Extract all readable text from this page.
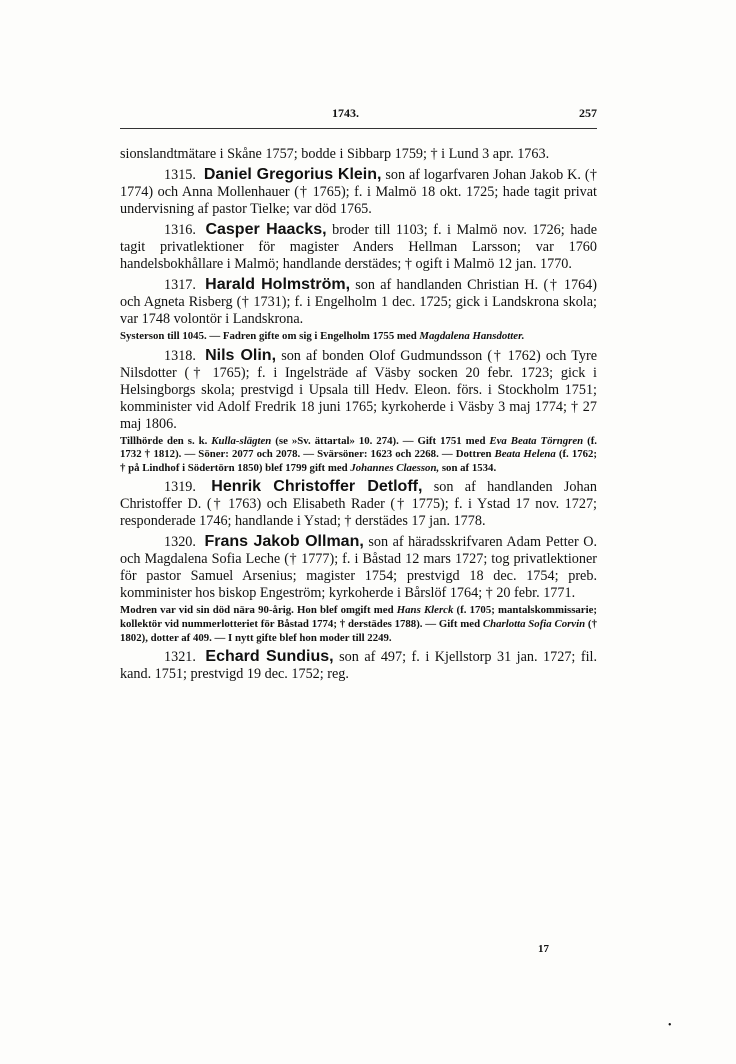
1743.	257

sionslandtmätare i Skåne 1757; bodde i Sibbarp 1759; † i Lund 3 apr. 1763.

1315. Daniel Gregorius Klein, son af logarfvaren Johan Jakob K. († 1774) och Anna Mollenhauer († 1765); f. i Malmö 18 okt. 1725; hade tagit privat undervisning af pastor Tielke; var död 1765.

1316. Casper Haacks, broder till 1103; f. i Malmö nov. 1726; hade tagit privatlektioner för magister Anders Hellman Larsson; var 1760 handelsbokhållare i Malmö; handlande derstädes; † ogift i Malmö 12 jan. 1770.

1317. Harald Holmström, son af handlanden Christian H. († 1764) och Agneta Risberg († 1731); f. i Engelholm 1 dec. 1725; gick i Landskrona skola; var 1748 volontör i Landskrona.

Systerson till 1045. — Fadren gifte om sig i Engelholm 1755 med Magdalena Hansdotter.

1318. Nils Olin, son af bonden Olof Gudmundsson († 1762) och Tyre Nilsdotter († 1765); f. i Ingelsträde af Väsby socken 20 febr. 1723; gick i Helsingborgs skola; prestvigd i Upsala till Hedv. Eleon. förs. i Stockholm 1751; komminister vid Adolf Fredrik 18 juni 1765; kyrkoherde i Väsby 3 maj 1774; † 27 maj 1806.

Tillhörde den s. k. Kulla-slägten (se »Sv. ättartal» 10. 274). — Gift 1751 med Eva Beata Törngren (f. 1732 † 1812). — Söner: 2077 och 2078. — Svärsöner: 1623 och 2268. — Dottren Beata Helena (f. 1762; † på Lindhof i Södertörn 1850) blef 1799 gift med Johannes Claesson, son af 1534.

1319. Henrik Christoffer Detloff, son af handlanden Johan Christoffer D. († 1763) och Elisabeth Rader († 1775); f. i Ystad 17 nov. 1727; responderade 1746; handlande i Ystad; † derstädes 17 jan. 1778.

1320. Frans Jakob Ollman, son af häradsskrifvaren Adam Petter O. och Magdalena Sofia Leche († 1777); f. i Båstad 12 mars 1727; tog privatlektioner för pastor Samuel Arsenius; magister 1754; prestvigd 18 dec. 1754; preb. komminister hos biskop Engeström; kyrkoherde i Bårslöf 1764; † 20 febr. 1771.

Modren var vid sin död nära 90-årig. Hon blef omgift med Hans Klerck (f. 1705; mantalskommissarie; kollektör vid nummerlotteriet för Båstad 1774; † derstädes 1788). — Gift med Charlotta Sofia Corvin († 1802), dotter af 409. — I nytt gifte blef hon moder till 2249.

1321. Echard Sundius, son af 497; f. i Kjellstorp 31 jan. 1727; fil. kand. 1751; prestvigd 19 dec. 1752; reg.

17
•
